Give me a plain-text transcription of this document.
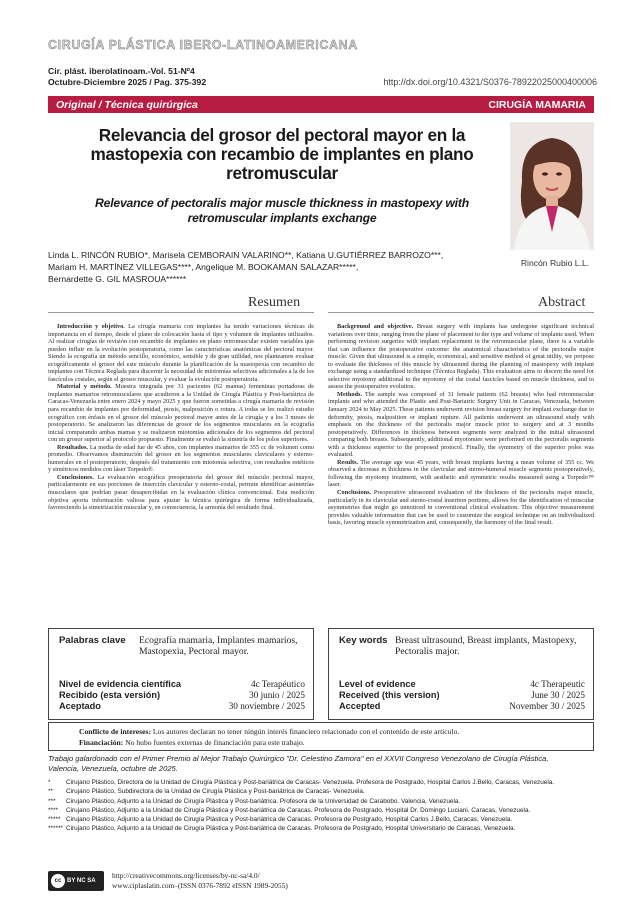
CIRUGÍA PLÁSTICA IBERO-LATINOAMERICANA
Cir. plást. iberolatinoam.-Vol. 51-Nº4
Octubre-Diciembre 2025 / Pag. 375-392	http://dx.doi.org/10.4321/S0376-78922025000400006
Original / Técnica quirúrgica	CIRUGÍA MAMARIA
Relevancia del grosor del pectoral mayor en la mastopexia con recambio de implantes en plano retromuscular
Relevance of pectoralis major muscle thickness in mastopexy with retromuscular implants exchange
Rincón Rubio L.L.
Linda L. RINCÓN RUBIO*, Marisela CEMBORAIN VALARINO**, Katiana U.GUTIÉRREZ BARROZO***,
Mariam H. MARTÍNEZ VILLEGAS****, Angelique M. BOOKAMAN SALAZAR*****,
Bernardette G. GIL MASROUA******
Resumen	Abstract

Introducción y objetivo. La cirugía mamaria con implantes ha tenido variaciones técnicas de importancia en el tiempo, desde el plano de colocación hasta el tipo y volumen de implantes utilizados. Al realizar cirugías de revisión con recambio de implantes en plano retromuscular existen variables que pueden influir en la evolución postoperatoria, como las características anatómicas del pectoral mayor. Siendo la ecografía un método sencillo, económico, sensible y de gran utilidad, nos planteamos evaluar ecográficamente el grosor del este músculo durante la planificación de la mastopexia con recambio de implantes con Técnica Reglada para discernir la necesidad de miotomías selectivas adicionales a la de los fascículos costales, según el grosor muscular, y evaluar la evolución postoperatoria.

Material y método. Muestra integrada por 31 pacientes (62 mamas) femeninas portadoras de implantes mamarios retromusculares que acudieron a la Unidad de Cirugía Plástica y Post-bariátrica de Caracas-Venezuela entre enero 2024 y mayo 2025 y que fueron sometidas a cirugía mamaria de revisión para recambio de implantes por deformidad, ptosis, malposición o rotura. A todas se les realizó estudio ecográfico con énfasis en el grosor del músculo pectoral mayor antes de la cirugía y a los 3 meses de postoperatorio. Se analizaron las diferencias de grosor de los segmentos musculares en la ecografía inicial comparando ambas mamas y se realizaron miotomías adicionales de los segmentos del pectoral con un grosor superior al protocolo propuesto. Finalmente se evaluó la simetría de los polos superiores.

Resultados. La media de edad fue de 45 años, con implantes mamarios de 355 cc de volumen como promedio. Observamos disminución del grosor en los segmentos musculares claviculares y esterno-humerales en el postoperatorio, después del tratamiento con miotomía selectiva, con resultados estéticos y simétricos medidos con láser Torpedo®.

Conclusiones. La evaluación ecográfica preoperatoria del grosor del músculo pectoral mayor, particularmente en sus porciones de inserción clavicular y esterno-costal, permite identificar asimetrías musculares que podrían pasar desapercibidas en la evaluación clínica convencional. Esta medición objetiva aporta información valiosa para ajustar la técnica quirúrgica de forma individualizada, favoreciendo la simetrización muscular y, en consecuencia, la armonía del resultado final.

Background and objective. Breast surgery with implants has undergone significant technical variations over time, ranging from the plane of placement to the type and volume of implants used. When performing revision surgeries with implant replacement in the retromuscular plane, there is a variable that can influence the postoperative outcome: the anatomical characteristics of the pectoralis major muscle. Given that ultrasound is a simple, economical, and sensitive method of great utility, we propose to evaluate the thickness of this muscle by ultrasound during the planning of mastopexy with implant exchange using a standardized technique (Técnica Reglada). This evaluation aims to discern the need for selective myotomy additional to the myotomy of the costal fascicles based on muscle thickness, and to assess the postoperative evolution.

Methods. The sample was composed of 31 female patients (62 breasts) who had retromuscular implants and who attended the Plastic and Post-Bariatric Surgery Unit in Caracas, Venezuela, between January 2024 to May 2025. These patients underwent revision breast surgery for implant exchange due to deformity, ptosis, malposition or implant rupture. All patients underwent an ultrasound study with emphasis on the thickness of the pectoralis major muscle prior to surgery and at 3 months postoperatively. Differences in thickness between segments were analyzed in the initial ultrasound comparing both breasts. Subsequently, additional myotomies were performed on the pectoralis segments with a thickness superior to the proposed protocol. Finally, the symmetry of the superior poles was evaluated.

Results. The average age was 45 years, with breast implants having a mean volume of 355 cc. We observed a decrease in thickness in the clavicular and sterno-humeral muscle segments postoperatively, following the myotomy treatment, with aesthetic and symmetric results measured using a Torpedo™ laser.

Conclusions. Preoperative ultrasound evaluation of the thickness of the pectoralis major muscle, particularly in its clavicular and sterno-costal insertion portions, allows for the identification of muscular asymmetries that might go unnoticed in conventional clinical evaluation. This objective measurement provides valuable information that can be used to customize the surgical technique on an individualized basis, favoring muscle symmetrization and, consequently, the harmony of the final result.

Palabras clave	Ecografía mamaria, Implantes mamarios, Mastopexia, Pectoral mayor.
Nivel de evidencia científica	4c Terapéutico
Recibido (esta versión)	30 junio / 2025
Aceptado	30 noviembre / 2025
Key words Breast ultrasound, Breast implants, Mastopexy, Pectoralis major.
Level of evidence	4c Therapeutic
Received (this version)	June 30 / 2025
Accepted	November 30 / 2025
Conflicto de intereses: Los autores declaran no tener ningún interés financiero relacionado con el contenido de este artículo.
Financiación: No hubo fuentes externas de financiación para este trabajo.
Trabajo galardonado con el Primer Premio al Mejor Trabajo Quirúrgico "Dr. Celestino Zamora" en el XXVII Congreso Venezolano de Cirugía Plástica, Valencia, Venezuela, octubre de 2025.
*	Cirujano Plástico, Directora de la Unidad de Cirugía Plástica y Post-bariátrica de Caracas- Venezuela. Profesora de Postgrado, Hospital Carlos J.Bello, Caracas, Venezuela.
**	Cirujano Plástico, Subdirectora de la Unidad de Cirugía Plástica y Post-bariátrica de Caracas- Venezuela.
***	Cirujano Plástico, Adjunto a la Unidad de Cirugía Plástica y Post-bariátrica. Profesora de la Universidad de Carabobo. Valencia, Venezuela.
****	Cirujano Plástico, Adjunto a la Unidad de Cirugía Plástica y Post-bariátrica de Caracas. Profesora de Postgrado, Hospital Dr. Domingo Luciani. Caracas, Venezuela.
***** Cirujano Plástico, Adjunto a la Unidad de Cirugía Plástica y Post-bariátrica de Caracas. Profesora de Postgrado, Hospital Carlos J.Bello, Caracas, Venezuela.
****** Cirujano Plástico, Adjunto a la Unidad de Cirugía Plástica y Post-bariátrica de Caracas. Profesora de Postgrado, Hospital Universitario de Caracas, Venezuela.
cc BY NC SA
http://creativecommons.org/licenses/by-nc-sa/4.0/
www.ciplaslatin.com–(ISSN 0376-7892 eISSN 1989-2055)
